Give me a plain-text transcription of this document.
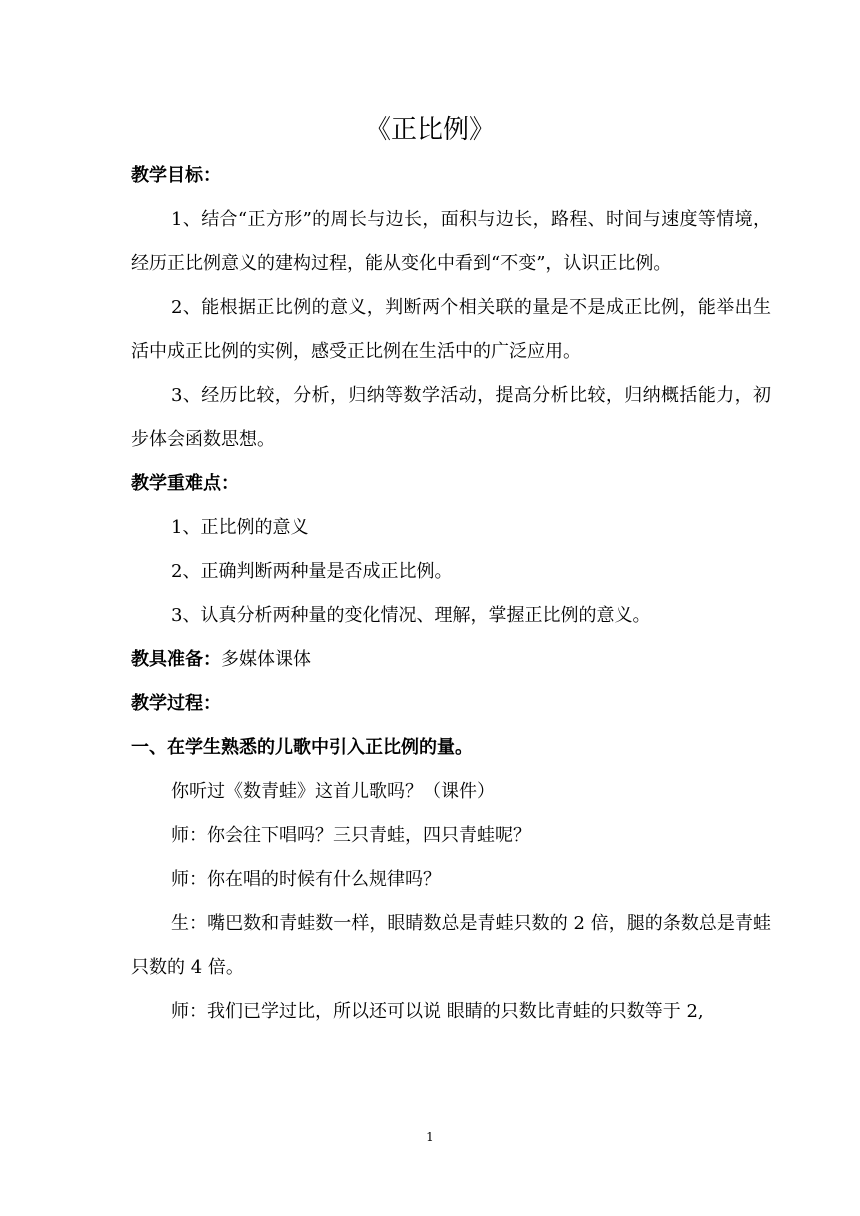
《正比例》

教学目标：

1、结合“正方形”的周长与边长，面积与边长，路程、时间与速度等情境，经历正比例意义的建构过程，能从变化中看到“不变”，认识正比例。

2、能根据正比例的意义，判断两个相关联的量是不是成正比例，能举出生活中成正比例的实例，感受正比例在生活中的广泛应用。

3、经历比较，分析，归纳等数学活动，提高分析比较，归纳概括能力，初步体会函数思想。

教学重难点：

1、正比例的意义

2、正确判断两种量是否成正比例。

3、认真分析两种量的变化情况、理解，掌握正比例的意义。

教具准备：多媒体课体

教学过程：

一、在学生熟悉的儿歌中引入正比例的量。

你听过《数青蛙》这首儿歌吗？（课件）

师：你会往下唱吗？三只青蛙，四只青蛙呢？

师：你在唱的时候有什么规律吗？

生：嘴巴数和青蛙数一样，眼睛数总是青蛙只数的 2 倍，腿的条数总是青蛙只数的 4 倍。

师：我们已学过比，所以还可以说 眼睛的只数比青蛙的只数等于 2,

1
